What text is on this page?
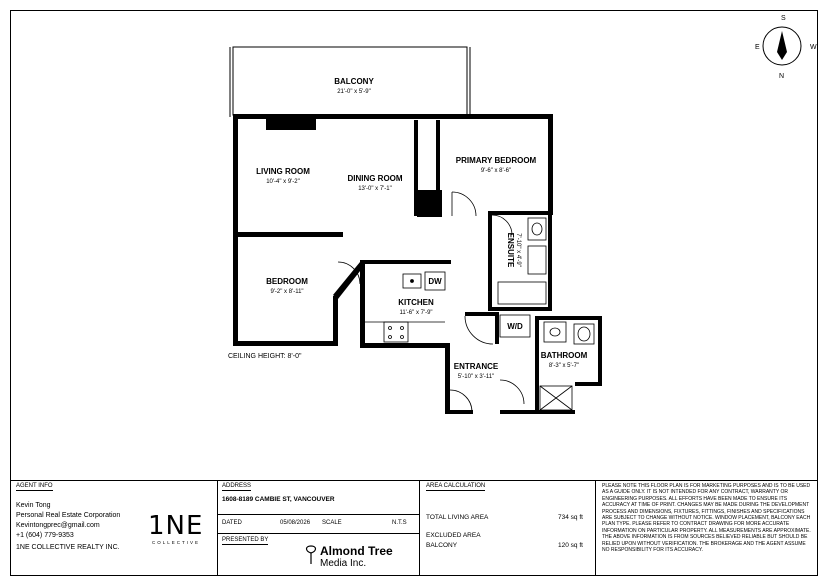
BALCONY
21'-0" x 5'-9"
LIVING ROOM
10'-4" x 9'-2"	DINING ROOM
13'-0" x 7'-1"
PRIMARY BEDROOM
9'-6" x 8'-6"
BEDROOM
9'-2" x 8'-11"
KITCHEN
11'-6" x 7'-9"
BATHROOM
8'-3" x 5'-7"
ENTRANCE
5'-10" x 3'-11"
DW
W/D
ENSUITE 7'-10" x 4'-9"
W
N
E
S
CEILING HEIGHT: 8'-0"
AGENT INFO
Kevin Tong
Personal Real Estate Corporation
Kevintongprec@gmail.com
+1 (604) 779-9353
1NE COLLECTIVE REALTY INC.
1NE
COLLECTIVE
ADDRESS
1608-8189 CAMBIE ST, VANCOUVER
DATED	05/08/2026 SCALE	N.T.S
PRESENTED BY
Almond Tree
Media Inc.
AREA CALCULATION
TOTAL LIVING AREA	734 sq ft
EXCLUDED AREA
BALCONY	120 sq ft
PLEASE NOTE THIS FLOOR PLAN IS FOR MARKETING PURPOSES AND IS TO BE USED AS A GUIDE ONLY. IT IS NOT INTENDED FOR ANY CONTRACT, WARRANTY OR ENGINEERING PURPOSES. ALL EFFORTS HAVE BEEN MADE TO ENSURE ITS ACCURACY AT TIME OF PRINT. CHANGES MAY BE MADE DURING THE DEVELOPMENT PROCESS AND DIMENSIONS, FIXTURES, FITTINGS, FINISHES AND SPECIFICATIONS ARE SUBJECT TO CHANGE WITHOUT NOTICE. WINDOW PLACEMENT, BALCONY EACH PLAN TYPE. PLEASE REFER TO CONTRACT DRAWING FOR MORE ACCURATE INFORMATION ON PARTICULAR PROPERTY. ALL MEASUREMENTS ARE APPROXIMATE. THE ABOVE INFORMATION IS FROM SOURCES BELIEVED RELIABLE BUT SHOULD BE RELIED UPON WITHOUT VERIFICATION. THE BROKERAGE AND THE AGENT ASSUME NO RESPONSIBILITY FOR ITS ACCURACY.
